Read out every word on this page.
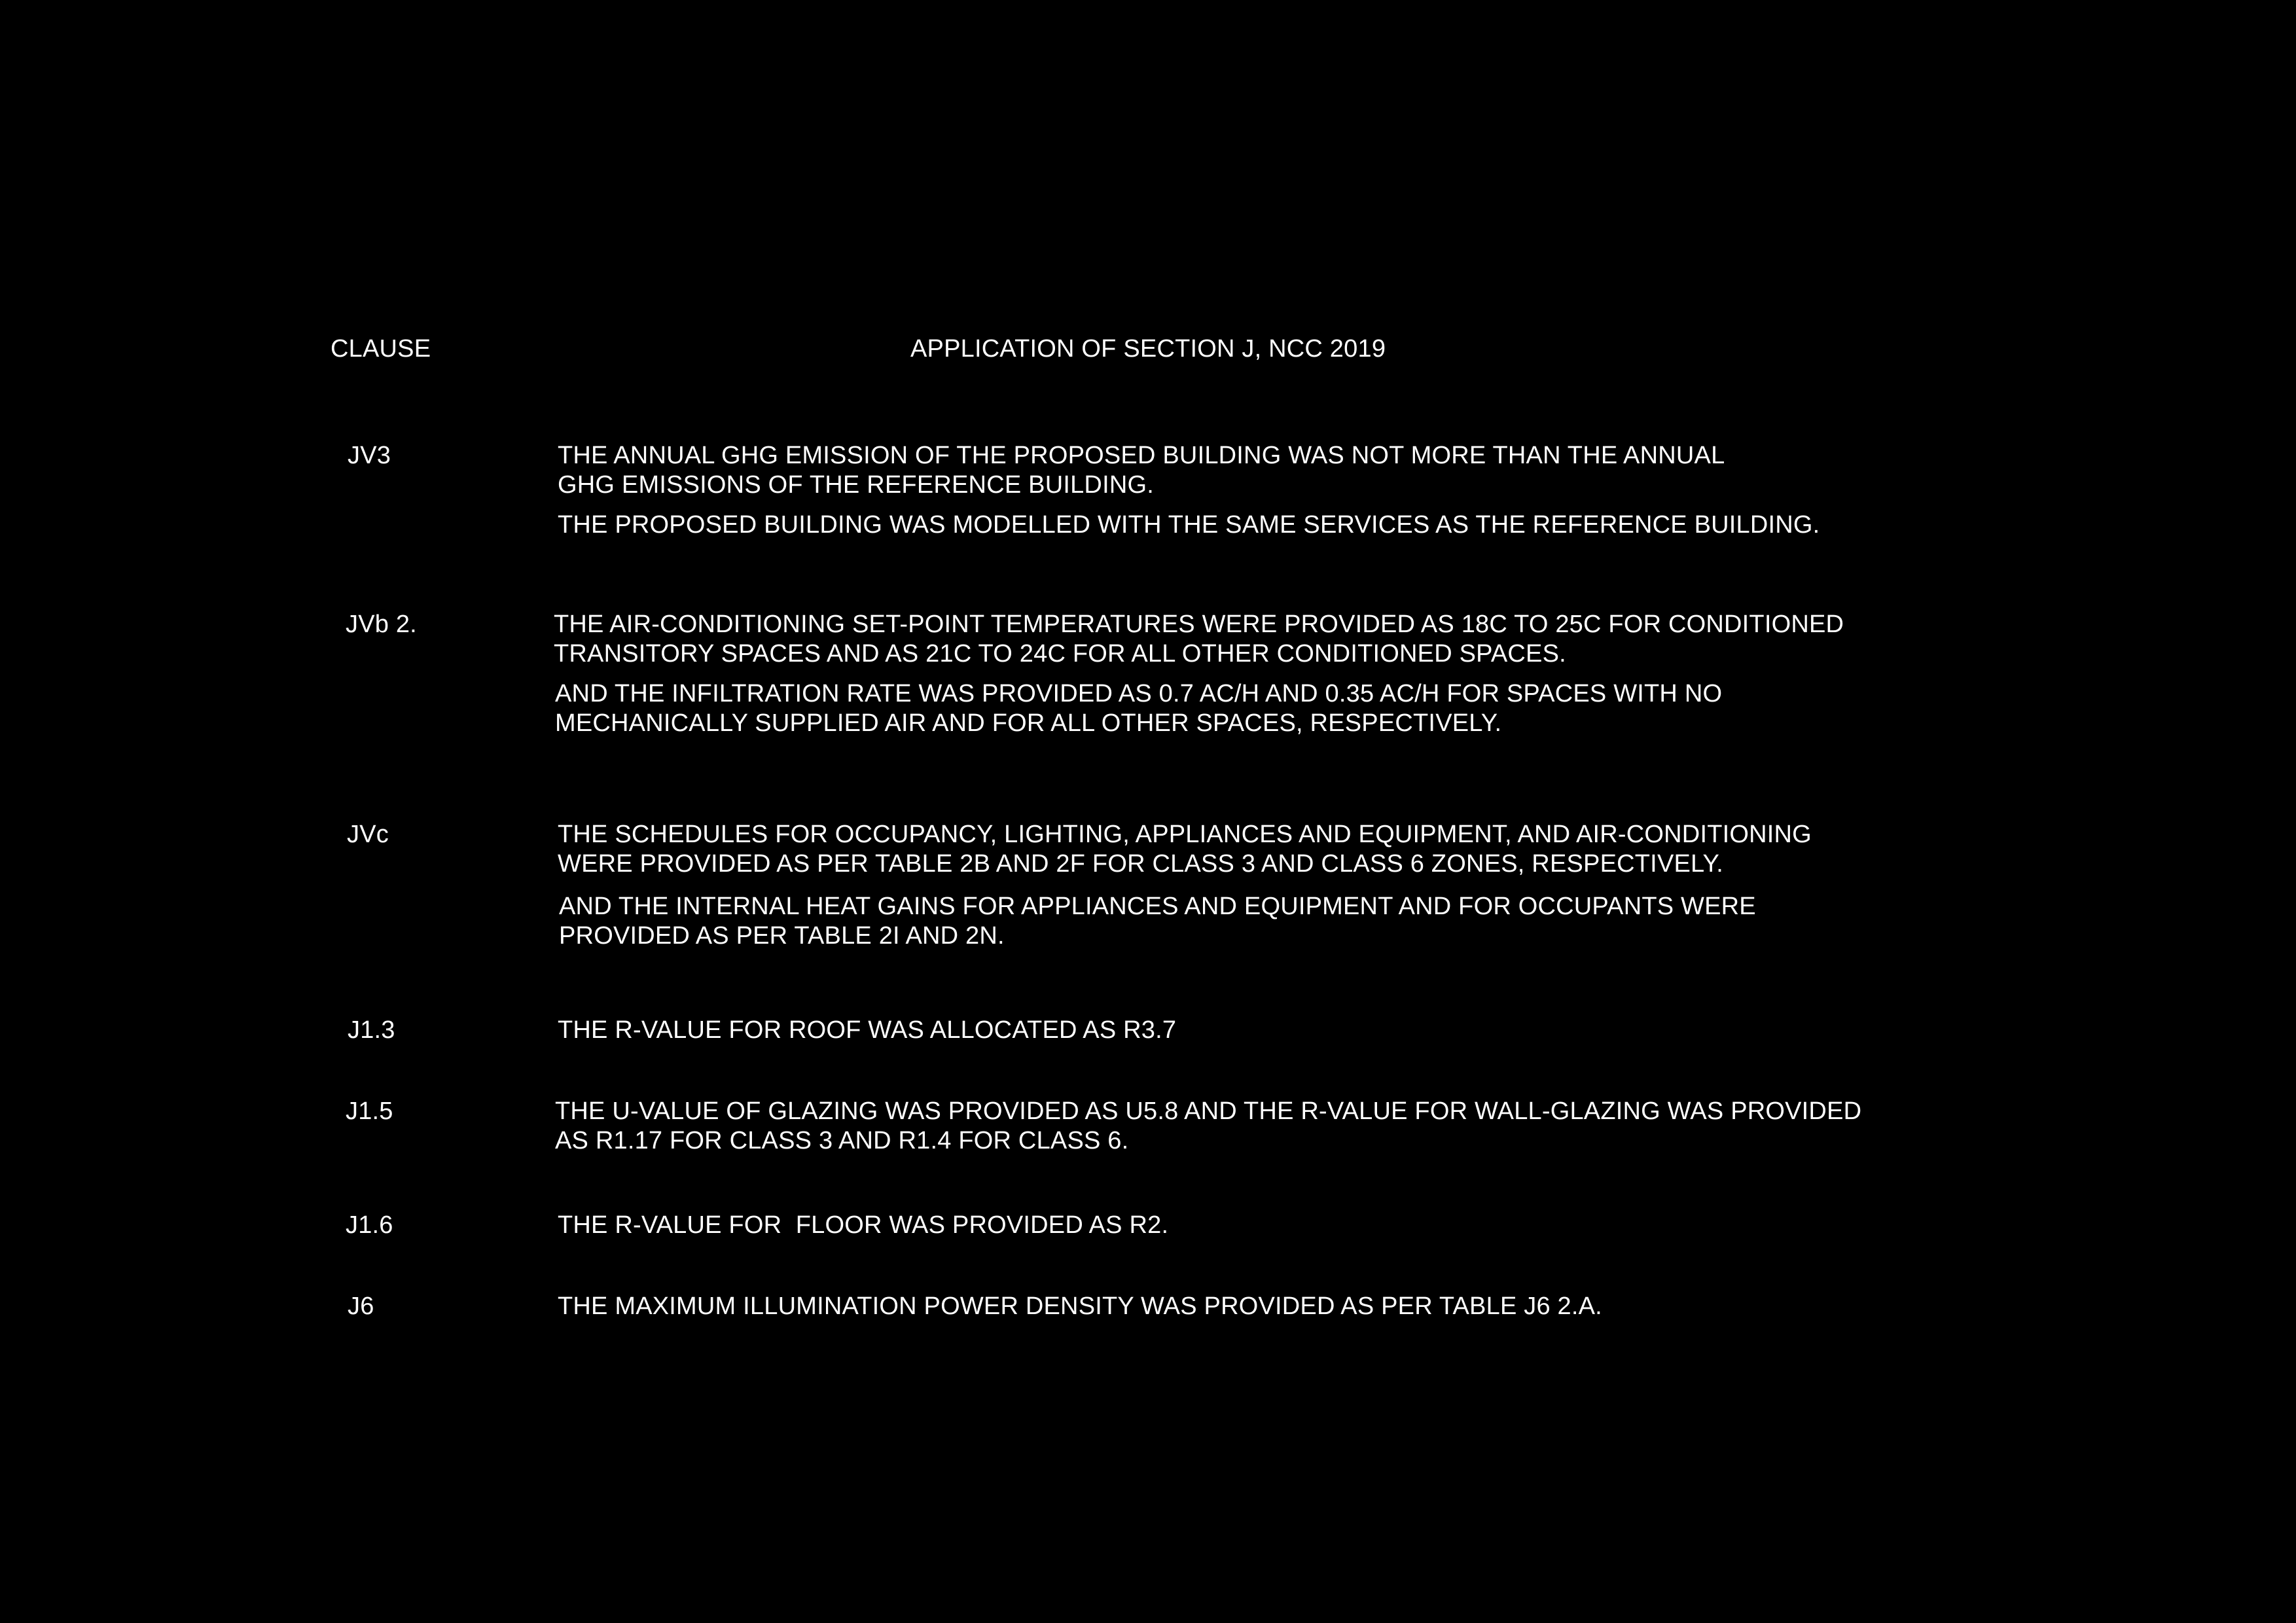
CLAUSE	APPLICATION OF SECTION J, NCC 2019
JV3	THE ANNUAL GHG EMISSION OF THE PROPOSED BUILDING WAS NOT MORE THAN THE ANNUAL
GHG EMISSIONS OF THE REFERENCE BUILDING.

THE PROPOSED BUILDING WAS MODELLED WITH THE SAME SERVICES AS THE REFERENCE BUILDING.

JVb 2.	THE AIR-CONDITIONING SET-POINT TEMPERATURES WERE PROVIDED AS 18C TO 25C FOR CONDITIONED
TRANSITORY SPACES AND AS 21C TO 24C FOR ALL OTHER CONDITIONED SPACES.

AND THE INFILTRATION RATE WAS PROVIDED AS 0.7 AC/H AND 0.35 AC/H FOR SPACES WITH NO
MECHANICALLY SUPPLIED AIR AND FOR ALL OTHER SPACES, RESPECTIVELY.

JVc	THE SCHEDULES FOR OCCUPANCY, LIGHTING, APPLIANCES AND EQUIPMENT, AND AIR-CONDITIONING
WERE PROVIDED AS PER TABLE 2B AND 2F FOR CLASS 3 AND CLASS 6 ZONES, RESPECTIVELY.

AND THE INTERNAL HEAT GAINS FOR APPLIANCES AND EQUIPMENT AND FOR OCCUPANTS WERE
PROVIDED AS PER TABLE 2I AND 2N.

J1.3	THE R-VALUE FOR ROOF WAS ALLOCATED AS R3.7

J1.5	THE U-VALUE OF GLAZING WAS PROVIDED AS U5.8 AND THE R-VALUE FOR WALL-GLAZING WAS PROVIDED
AS R1.17 FOR CLASS 3 AND R1.4 FOR CLASS 6.

J1.6	THE R-VALUE FOR  FLOOR WAS PROVIDED AS R2.

J6	THE MAXIMUM ILLUMINATION POWER DENSITY WAS PROVIDED AS PER TABLE J6 2.A.
